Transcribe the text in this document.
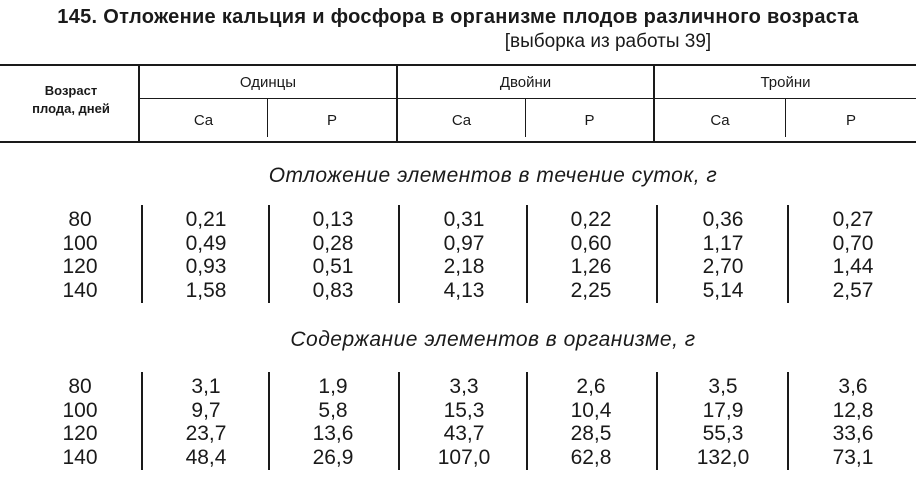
145. Отложение кальция и фосфора в организме плодов различного возраста
[выборка из работы 39]
Возраст
плода, дней
Одинцы	Двойни	Тройни
Ca	P	Ca	P	Ca	P
Отложение элементов в течение суток, г
80	0,21	0,13	0,31	0,22	0,36	0,27
100	0,49	0,28	0,97	0,60	1,17	0,70
120	0,93	0,51	2,18	1,26	2,70	1,44
140	1,58	0,83	4,13	2,25	5,14	2,57
Содержание элементов в организме, г
80	3,1	1,9	3,3	2,6	3,5	3,6
100	9,7	5,8	15,3	10,4	17,9	12,8
120	23,7	13,6	43,7	28,5	55,3	33,6
140	48,4	26,9	107,0	62,8	132,0	73,1
